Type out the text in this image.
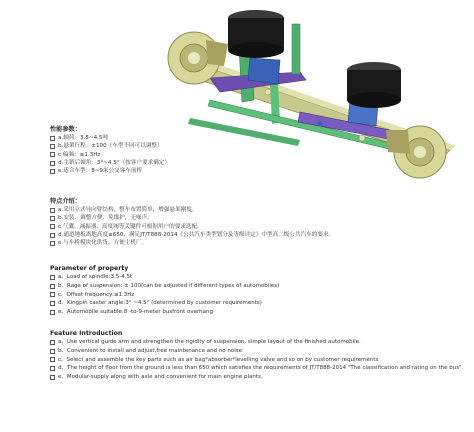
性能参数：
a.轴荷：3.5~4.5吨
b.悬架行程：±100（车型不同可以调整）
c.偏频：≤1.3Hz
d.主销后倾角：3°~4.5°（按客户要求确定）
e.适合车型：8~9米公交客车前桥
特点介绍：
a.采用立式导向臂结构，整车布置简单，增强悬架刚度。
b.安装、调整方便，免维护，无噪声。
c.气囊、减振器、高度阀等关键件可根据用户的要求选配。
d.通道地板离地高度≤650，满足JT/T888-2014《公共汽车类型划分及等级评定》中型高二级公共汽车的要求。
e.与车桥模块化供货，方便主机厂。
Parameter of property
a、Load of spindle:3.5-4.5t
b、Rage of suspension: ± 100(can be adjusted if different types of automobiles)
c、Offset frequency:≤1.3Hz
d、Kingpin caster angle:3° ~4.5° (determined by customer requirements)
e、Automobile suitable:8 -to-9-meter busfront overhang
Feature Introduction
a、Use vertical guide arm and strengthen the rigidity of suspension, simple layout of the finished automobile.
b、Convenient to install and adjust,free maintenance and no noise
c、Select and assemble the key parts such as air bag*absorber*levelling valve and so on by customer requirements
d、The height of floor from the ground is less than 650 which satisfies the requirements of JT/T888-2014 "The classification and rating on the bus".
e、Modular-supply along with axle and convenient for main engine plants.
